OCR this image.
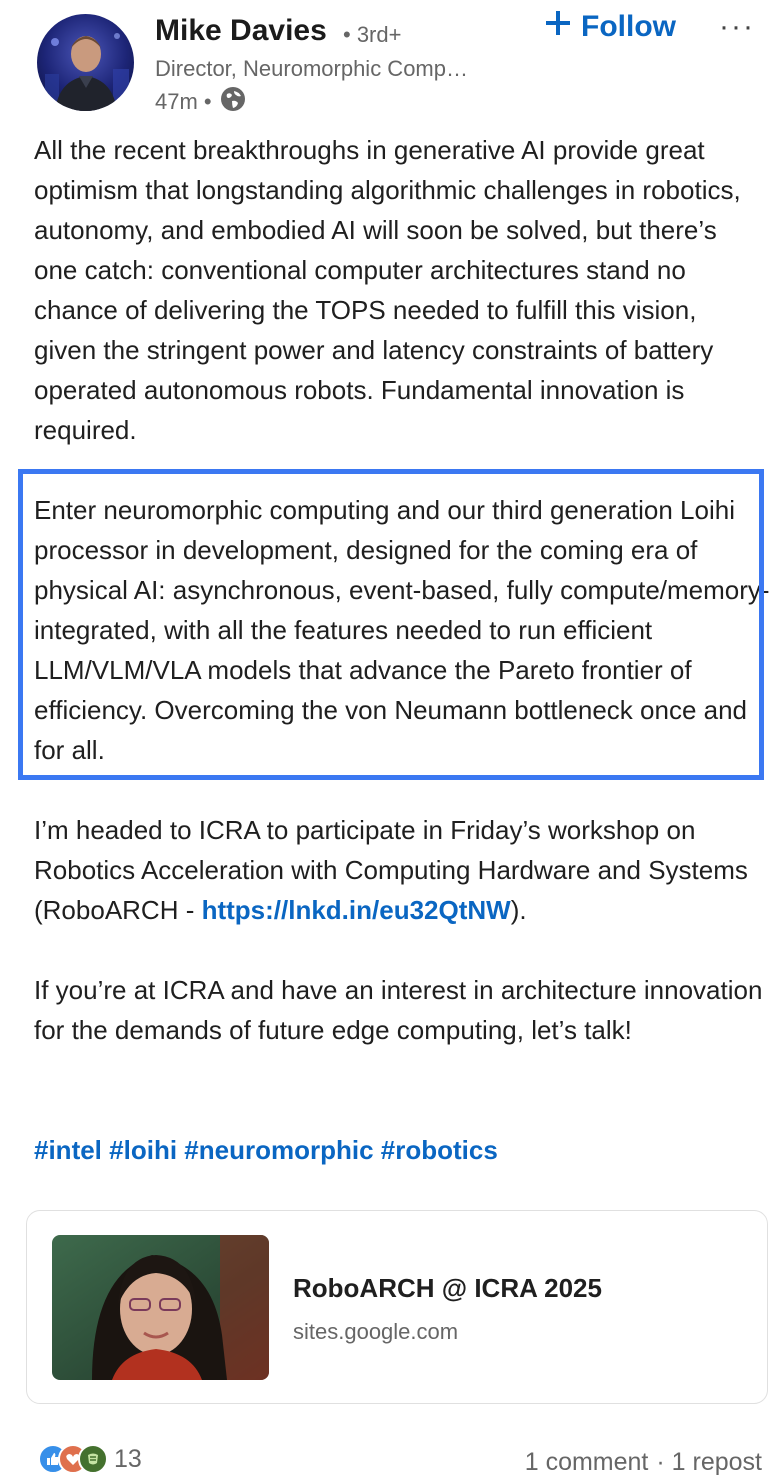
Mike Davies • 3rd+
Director, Neuromorphic Comp…
47m •
Follow ···
All the recent breakthroughs in generative AI provide great optimism that longstanding algorithmic challenges in robotics, autonomy, and embodied AI will soon be solved, but there’s one catch: conventional computer architectures stand no chance of delivering the TOPS needed to fulfill this vision, given the stringent power and latency constraints of battery operated autonomous robots. Fundamental innovation is required.
Enter neuromorphic computing and our third generation Loihi processor in development, designed for the coming era of physical AI: asynchronous, event-based, fully compute/memory-integrated, with all the features needed to run efficient LLM/VLM/VLA models that advance the Pareto frontier of efficiency. Overcoming the von Neumann bottleneck once and for all.
I’m headed to ICRA to participate in Friday’s workshop on Robotics Acceleration with Computing Hardware and Systems (RoboARCH - https://lnkd.in/eu32QtNW).
If you’re at ICRA and have an interest in architecture innovation for the demands of future edge computing, let’s talk!
#intel #loihi #neuromorphic #robotics
RoboARCH @ ICRA 2025
sites.google.com
13	1 comment · 1 repost
